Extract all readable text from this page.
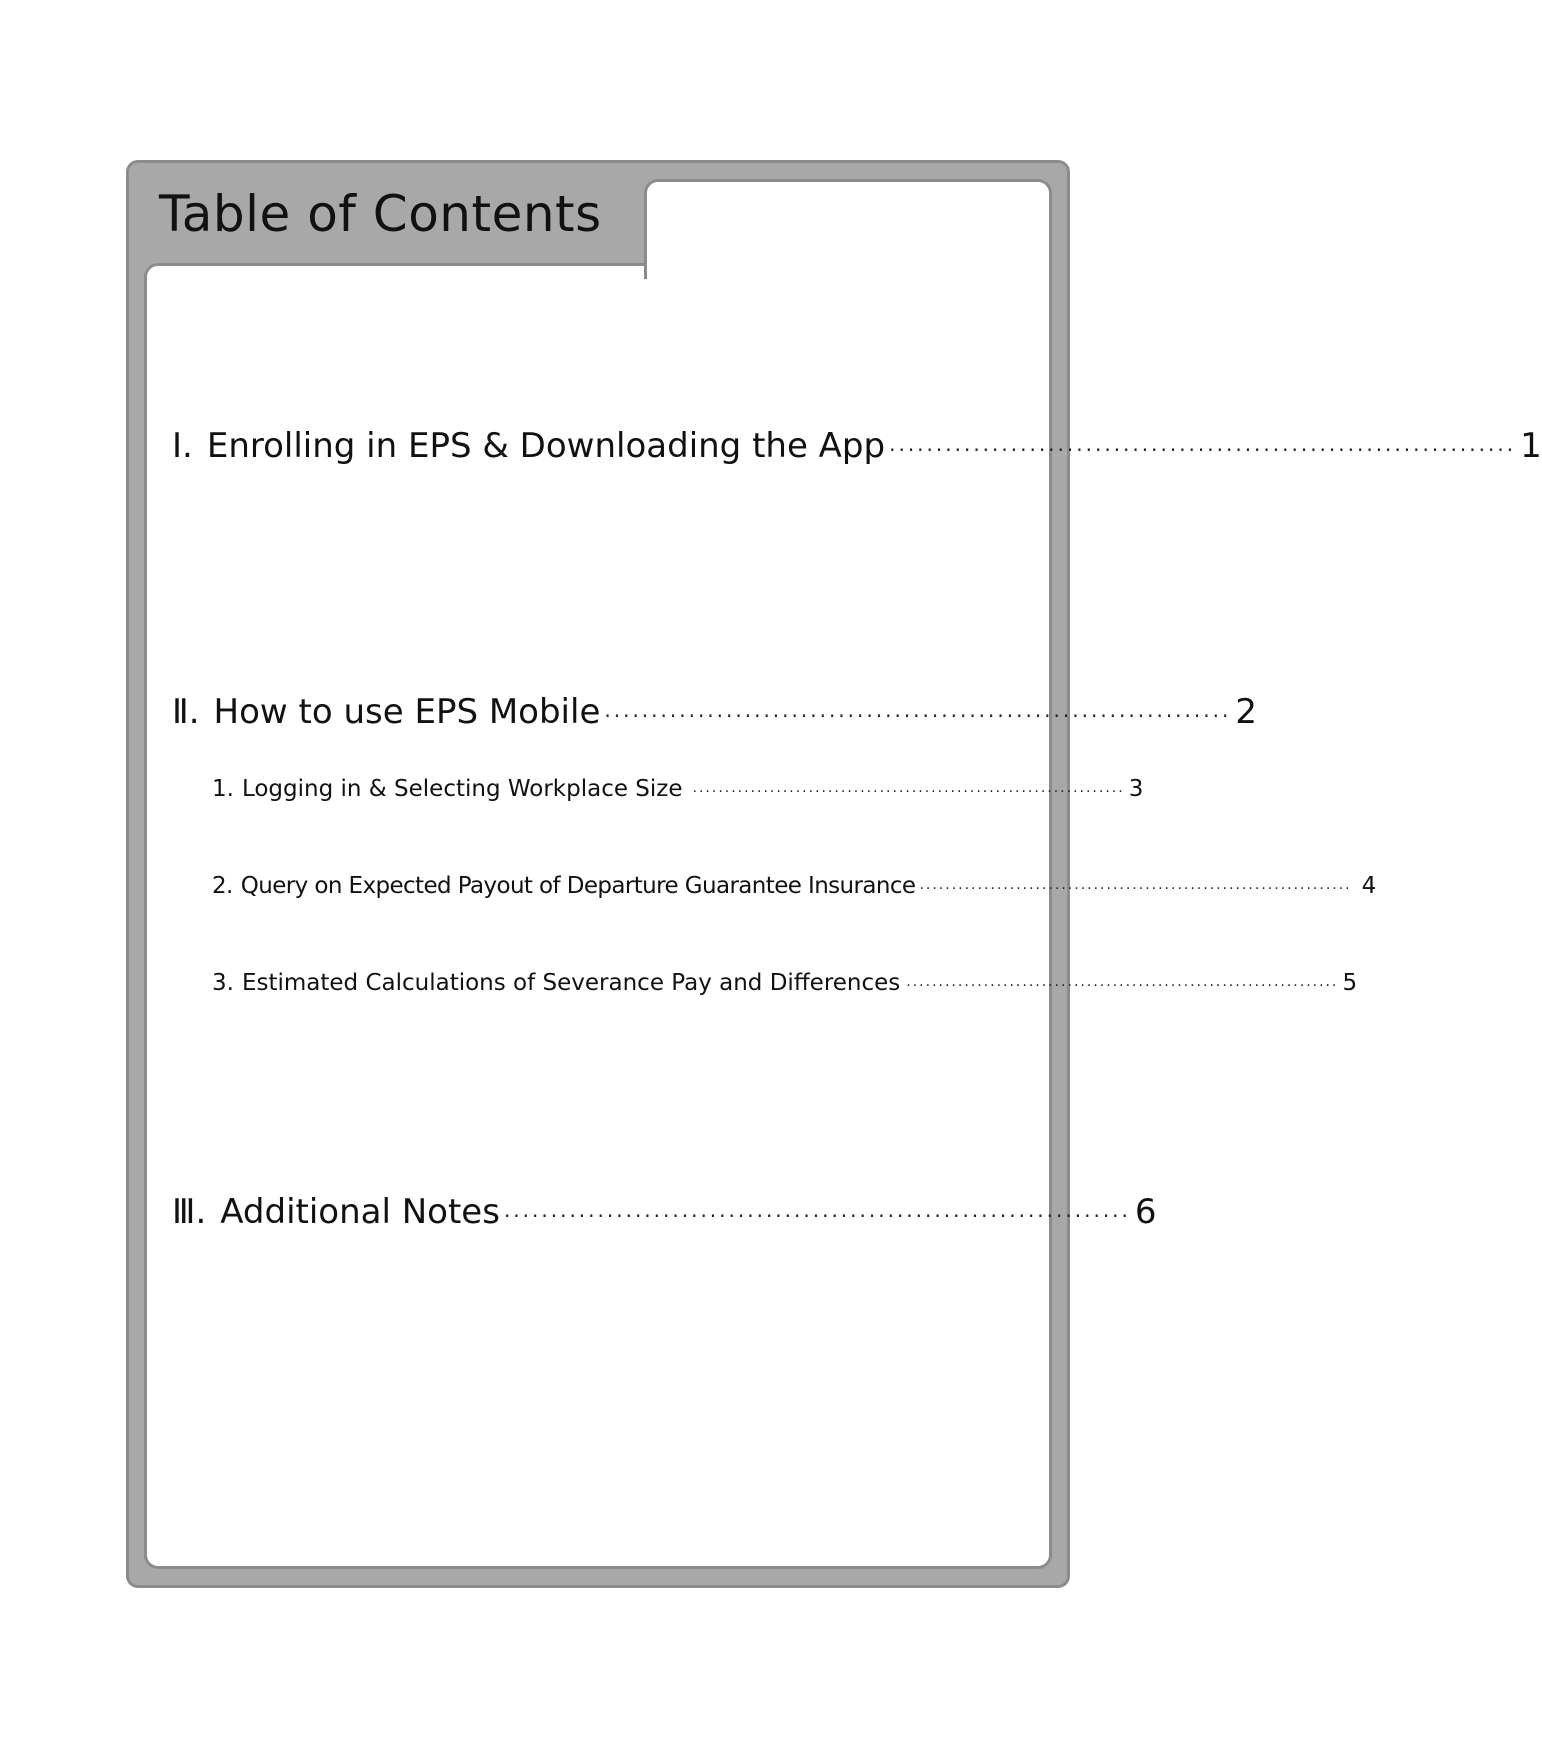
Table of Contents
Ⅰ. Enrolling in EPS & Downloading the App ··································································· 1
Ⅱ. How to use EPS Mobile ··································································· 2
1. Logging in & Selecting Workplace Size ··································································· 3
2. Query on Expected Payout of Departure Guarantee Insurance ··································································· 4
3. Estimated Calculations of Severance Pay and Differences ··································································· 5
Ⅲ. Additional Notes ··································································· 6
